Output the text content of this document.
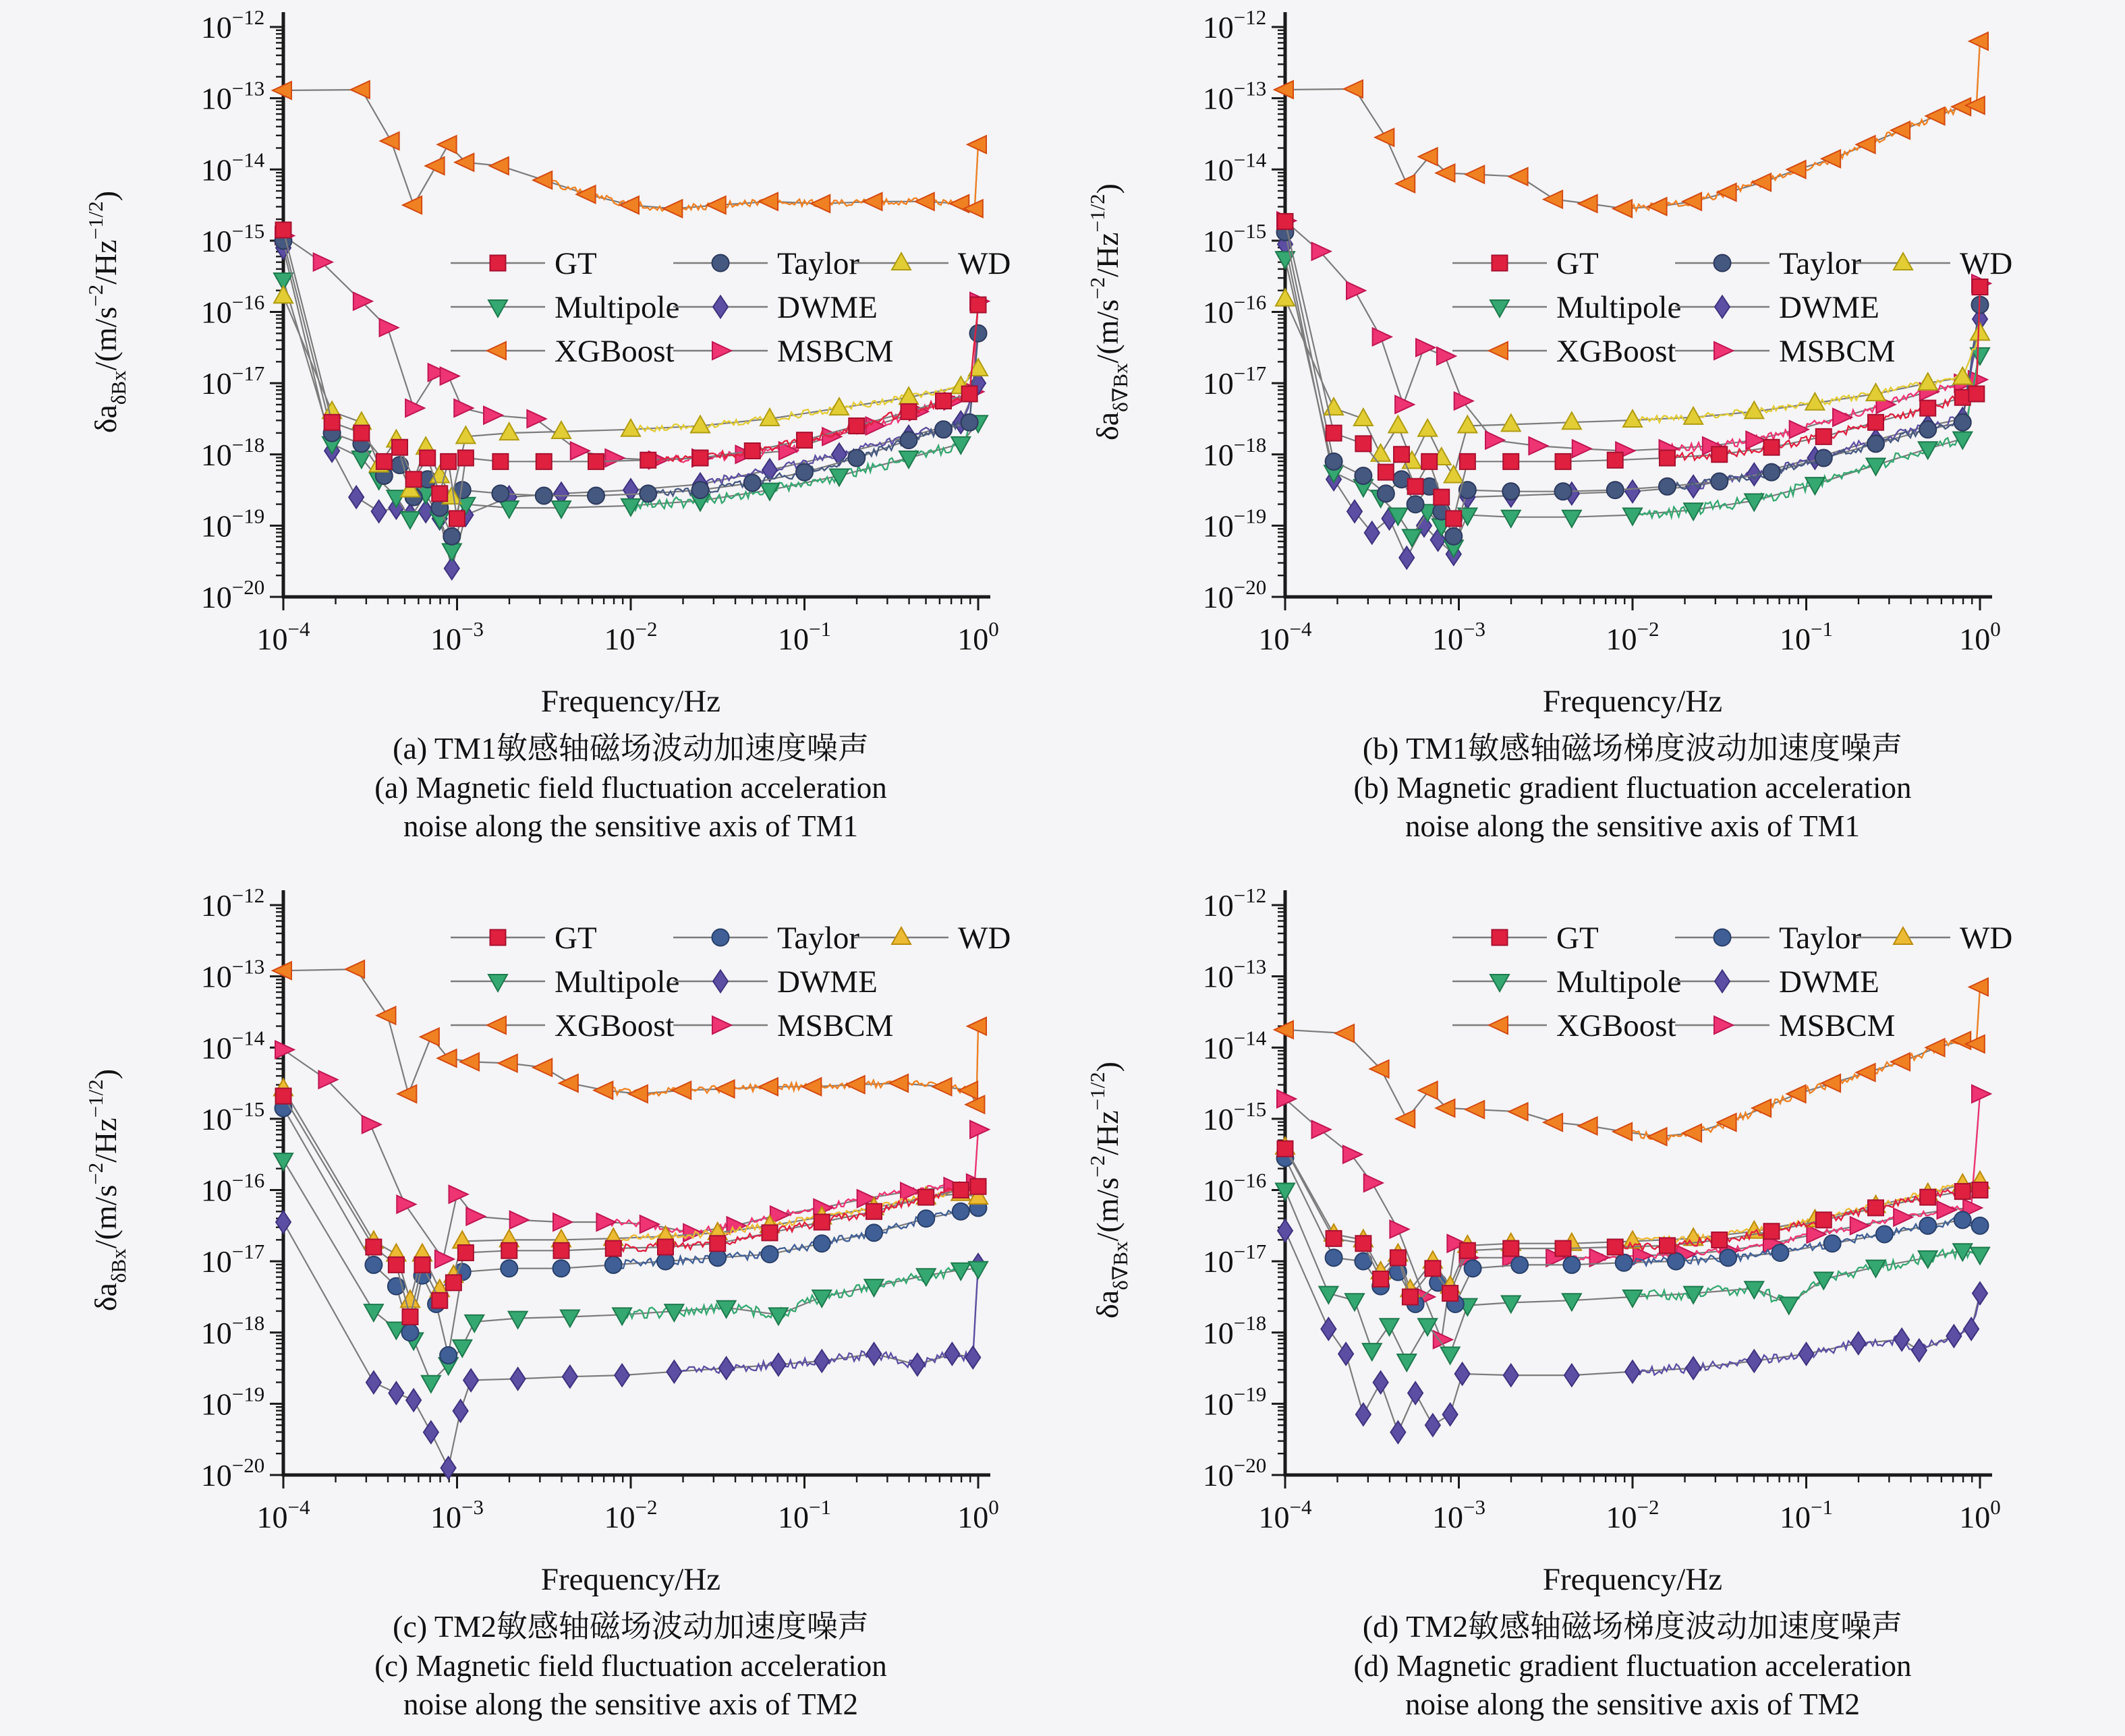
$10^{-12}$
$10^{-13}$
$10^{-14}$
$10^{-15}$
$10^{-16}$
$10^{-17}$
$10^{-18}$
$10^{-19}$
$10^{-20}$
$10^{-4}$	$10^{-3}$	$10^{-2}$	$10^{-1}$	$10^0$
$\delta a_{\delta Bx}/(m/s^{-2}/Hz^{-1/2})$
GT	Taylor	WD
Multipole	DWME
XGBoost	MSBCM
$10^{-12}$
$10^{-13}$
$10^{-14}$
$10^{-15}$
$10^{-16}$
$10^{-17}$
$10^{-18}$
$10^{-19}$
$10^{-20}$
$10^{-4}$	$10^{-3}$	$10^{-2}$	$10^{-1}$	$10^0$
$\delta a_{\delta\nabla Bx}/(m/s^{-2}/Hz^{-1/2})$
GT	Taylor	WD
Multipole	DWME
XGBoost	MSBCM
$10^{-12}$
$10^{-13}$
$10^{-14}$
$10^{-15}$
$10^{-16}$
$10^{-17}$
$10^{-18}$
$10^{-19}$
$10^{-20}$
$10^{-4}$	$10^{-3}$	$10^{-2}$	$10^{-1}$	$10^0$
$\delta a_{\delta Bx}/(m/s^{-2}/Hz^{-1/2})$
GT	Taylor	WD
Multipole	DWME
XGBoost	MSBCM
$10^{-12}$
$10^{-13}$
$10^{-14}$
$10^{-15}$
$10^{-16}$
$10^{-17}$
$10^{-18}$
$10^{-19}$
$10^{-20}$
$10^{-4}$	$10^{-3}$	$10^{-2}$	$10^{-1}$	$10^0$
$\delta a_{\delta\nabla Bx}/(m/s^{-2}/Hz^{-1/2})$
GT	Taylor	WD
Multipole	DWME
XGBoost	MSBCM
Frequency/Hz	Frequency/Hz
Frequency/Hz	Frequency/Hz

(a) TM1敏感轴磁场波动加速度噪声

(a) Magnetic field fluctuation acceleration

noise along the sensitive axis of TM1

(b) TM1敏感轴磁场梯度波动加速度噪声

(b) Magnetic gradient fluctuation acceleration

noise along the sensitive axis of TM1

(c) TM2敏感轴磁场波动加速度噪声

(c) Magnetic field fluctuation acceleration

noise along the sensitive axis of TM2

(d) TM2敏感轴磁场梯度波动加速度噪声

(d) Magnetic gradient fluctuation acceleration

noise along the sensitive axis of TM2
